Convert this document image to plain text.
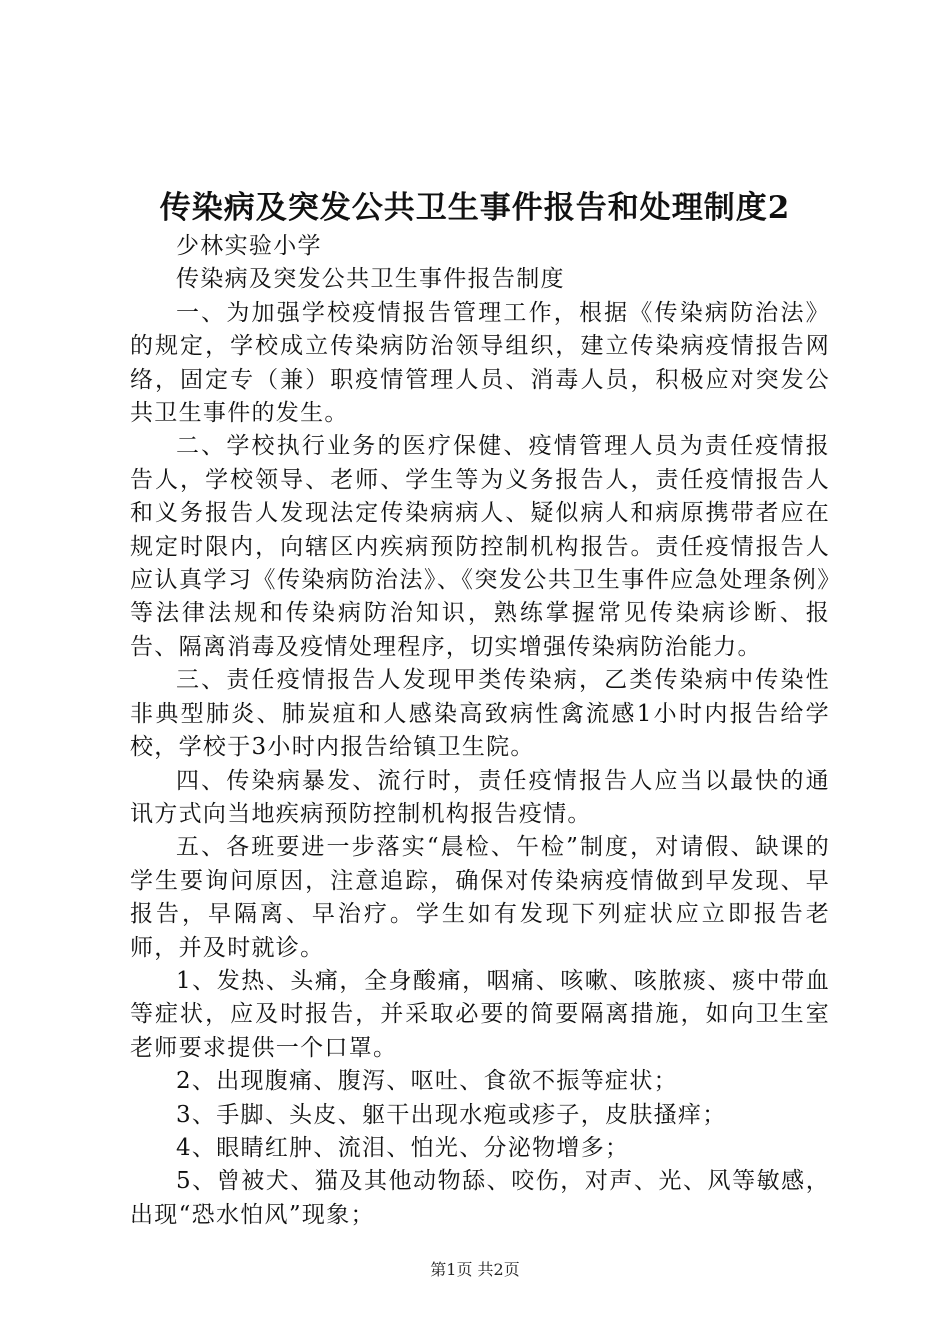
传染病及突发公共卫生事件报告和处理制度2

少林实验小学

传染病及突发公共卫生事件报告制度

一、为加强学校疫情报告管理工作，根据《传染病防治法》的规定，学校成立传染病防治领导组织，建立传染病疫情报告网络，固定专（兼）职疫情管理人员、消毒人员，积极应对突发公共卫生事件的发生。

二、学校执行业务的医疗保健、疫情管理人员为责任疫情报告人，学校领导、老师、学生等为义务报告人，责任疫情报告人和义务报告人发现法定传染病病人、疑似病人和病原携带者应在规定时限内，向辖区内疾病预防控制机构报告。责任疫情报告人应认真学习《传染病防治法》、《突发公共卫生事件应急处理条例》等法律法规和传染病防治知识，熟练掌握常见传染病诊断、报告、隔离消毒及疫情处理程序，切实增强传染病防治能力。

三、责任疫情报告人发现甲类传染病，乙类传染病中传染性非典型肺炎、肺炭疽和人感染高致病性禽流感1小时内报告给学校，学校于3小时内报告给镇卫生院。

四、传染病暴发、流行时，责任疫情报告人应当以最快的通讯方式向当地疾病预防控制机构报告疫情。

五、各班要进一步落实“晨检、午检”制度，对请假、缺课的学生要询问原因，注意追踪，确保对传染病疫情做到早发现、早报告，早隔离、早治疗。学生如有发现下列症状应立即报告老师，并及时就诊。

1、发热、头痛，全身酸痛，咽痛、咳嗽、咳脓痰、痰中带血等症状，应及时报告，并采取必要的简要隔离措施，如向卫生室老师要求提供一个口罩。

2、出现腹痛、腹泻、呕吐、食欲不振等症状；

3、手脚、头皮、躯干出现水疱或疹子，皮肤搔痒；

4、眼睛红肿、流泪、怕光、分泌物增多；

5、曾被犬、猫及其他动物舔、咬伤，对声、光、风等敏感，出现“恐水怕风”现象；

第1页 共2页
